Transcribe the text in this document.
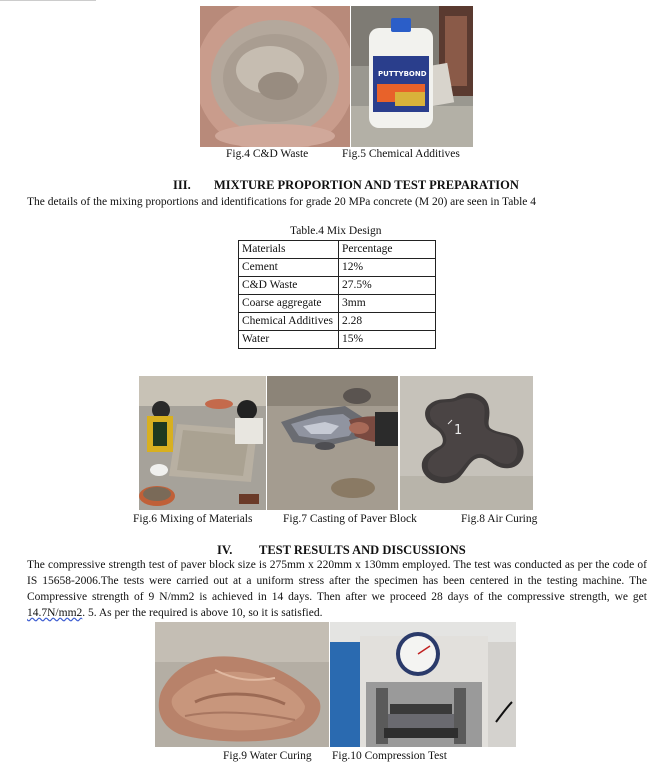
PUTTYBOND
Fig.4 C&D Waste	Fig.5 Chemical Additives
III. MIXTURE PROPORTION AND TEST PREPARATION
The details of the mixing proportions and identifications for grade 20 MPa concrete (M 20) are seen in Table 4
Table.4 Mix Design
Materials	Percentage
Cement	12%
C&D Waste	27.5%
Coarse aggregate	3mm
Chemical Additives	2.28
Water	15%
1
Fig.6 Mixing of Materials	Fig.7 Casting of Paver Block	Fig.8 Air Curing
IV. TEST RESULTS AND DISCUSSIONS
The compressive strength test of paver block size is 275mm x 220mm x 130mm employed. The test was conducted as per the code of IS 15658-2006.The tests were carried out at a uniform stress after the specimen has been centered in the testing machine. The Compressive strength of 9 N/mm2 is achieved in 14 days. Then after we proceed 28 days of the compressive strength, we get 14.7N/mm2. 5. As per the required is above 10, so it is satisfied.
Fig.9 Water Curing Fig.10 Compression Test
